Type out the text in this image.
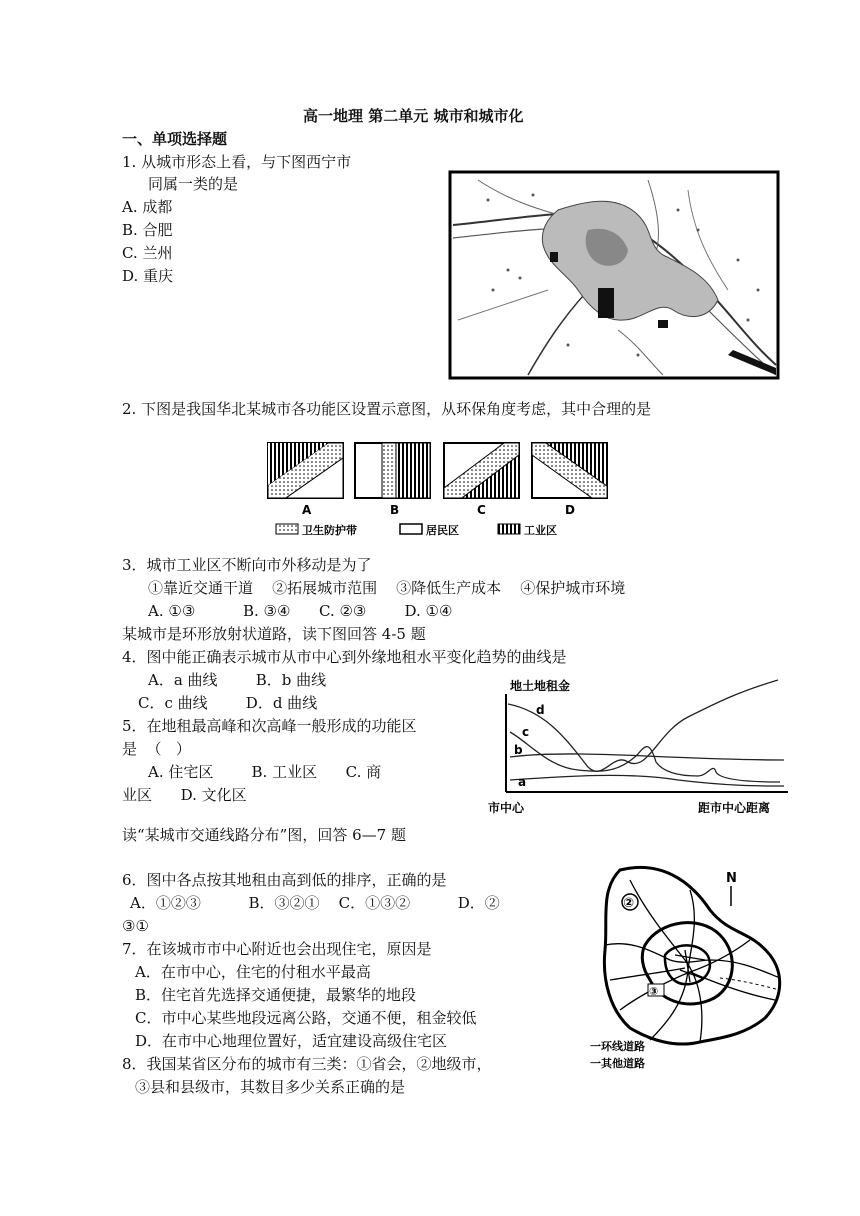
高一地理 第二单元 城市和城市化
一、单项选择题
1. 从城市形态上看，与下图西宁市
同属一类的是
A. 成都
B. 合肥
C. 兰州
D. 重庆
2. 下图是我国华北某城市各功能区设置示意图，从环保角度考虑，其中合理的是
A	B	C	D
卫生防护带	居民区	工业区
3．城市工业区不断向市外移动是为了
①靠近交通干道    ②拓展城市范围    ③降低生产成本    ④保护城市环境
A. ①③          B. ③④      C. ②③        D. ①④
某城市是环形放射状道路，读下图回答 4-5 题
4．图中能正确表示城市从市中心到外缘地租水平变化趋势的曲线是
A．a 曲线        B．b 曲线
C．c 曲线        D．d 曲线
5．在地租最高峰和次高峰一般形成的功能区
是  （   ）
A. 住宅区        B. 工业区      C. 商
业区      D. 文化区
地土地租金
d
c
b
a
市中心	距市中心距离
读“某城市交通线路分布”图，回答 6—7 题
6．图中各点按其地租由高到低的排序，正确的是
A．①②③          B．③②①    C．①③②          D．②
③①
7．在该城市市中心附近也会出现住宅，原因是
A．在市中心，住宅的付租水平最高
B．住宅首先选择交通便捷，最繁华的地段
C．市中心某些地段远离公路，交通不便，租金较低
D．在市中心地理位置好，适宜建设高级住宅区
8．我国某省区分布的城市有三类：①省会，②地级市，
③县和县级市，其数目多少关系正确的是
②
③
N
一环线道路
一其他道路
